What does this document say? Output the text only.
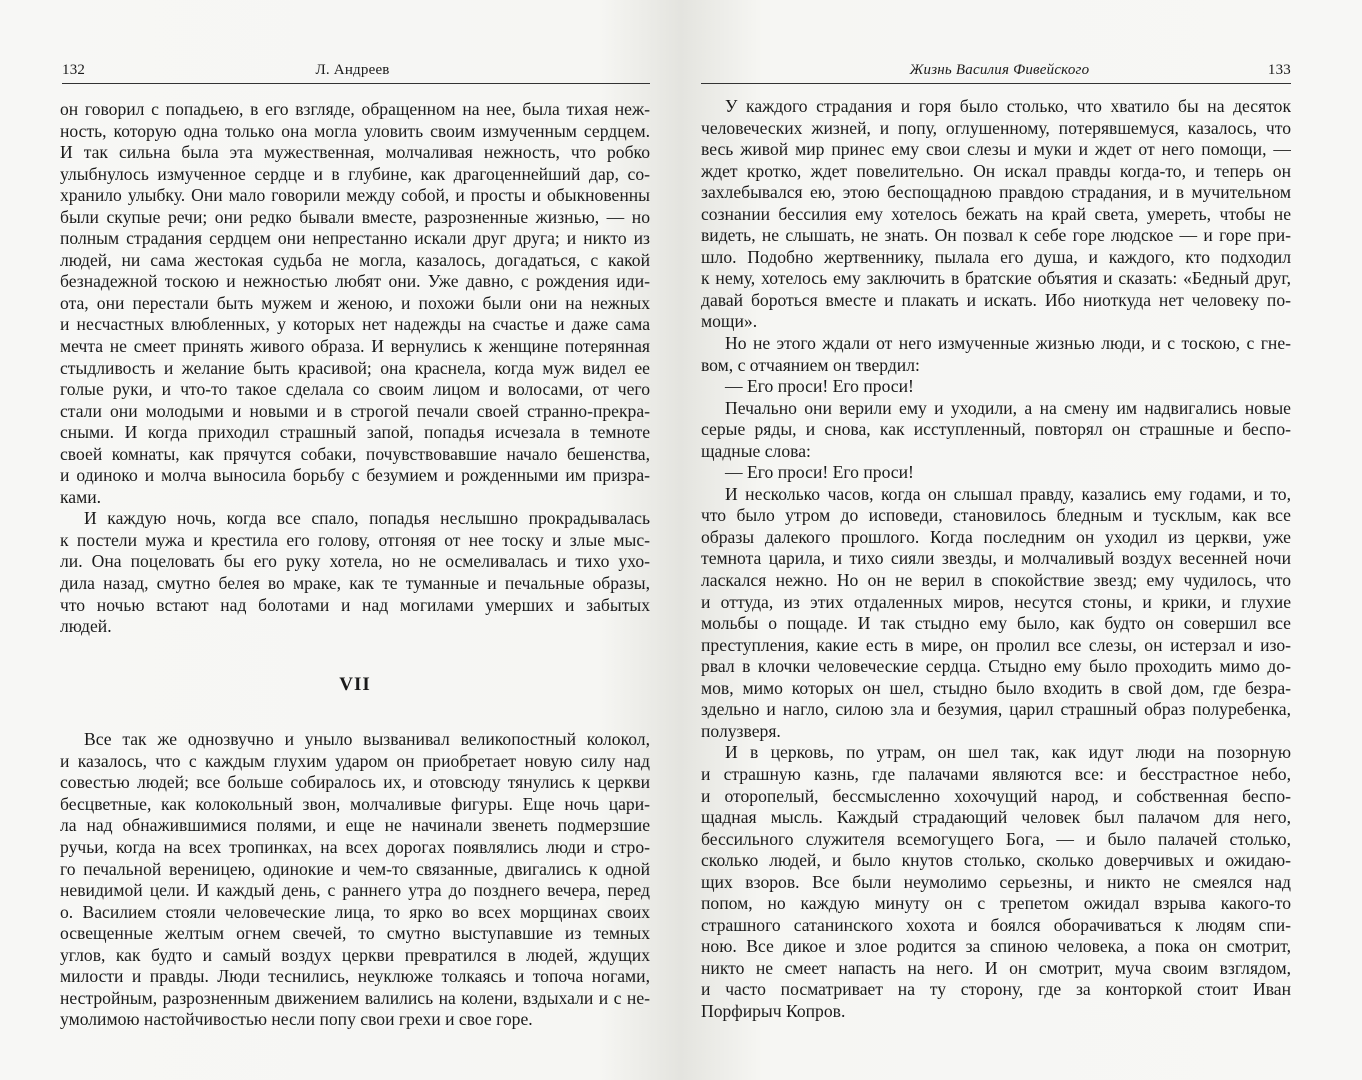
132	Л. Андреев
он говорил с попадьею, в его взгляде, обращенном на нее, была тихая неж-
ность, которую одна только она могла уловить своим измученным сердцем.
И так сильна была эта мужественная, молчаливая нежность, что робко
улыбнулось измученное сердце и в глубине, как драгоценнейший дар, со-
хранило улыбку. Они мало говорили между собой, и просты и обыкновенны
были скупые речи; они редко бывали вместе, разрозненные жизнью, — но
полным страдания сердцем они непрестанно искали друг друга; и никто из
людей, ни сама жестокая судьба не могла, казалось, догадаться, с какой
безнадежной тоскою и нежностью любят они. Уже давно, с рождения иди-
ота, они перестали быть мужем и женою, и похожи были они на нежных
и несчастных влюбленных, у которых нет надежды на счастье и даже сама
мечта не смеет принять живого образа. И вернулись к женщине потерянная
стыдливость и желание быть красивой; она краснела, когда муж видел ее
голые руки, и что-то такое сделала со своим лицом и волосами, от чего
стали они молодыми и новыми и в строгой печали своей странно-прекра-
сными. И когда приходил страшный запой, попадья исчезала в темноте
своей комнаты, как прячутся собаки, почувствовавшие начало бешенства,
и одиноко и молча выносила борьбу с безумием и рожденными им призра-
ками.
И каждую ночь, когда все спало, попадья неслышно прокрадывалась
к постели мужа и крестила его голову, отгоняя от нее тоску и злые мыс-
ли. Она поцеловать бы его руку хотела, но не осмеливалась и тихо ухо-
дила назад, смутно белея во мраке, как те туманные и печальные образы,
что ночью встают над болотами и над могилами умерших и забытых
людей.
VII
Все так же однозвучно и уныло вызванивал великопостный колокол,
и казалось, что с каждым глухим ударом он приобретает новую силу над
совестью людей; все больше собиралось их, и отовсюду тянулись к церкви
бесцветные, как колокольный звон, молчаливые фигуры. Еще ночь цари-
ла над обнажившимися полями, и еще не начинали звенеть подмерзшие
ручьи, когда на всех тропинках, на всех дорогах появлялись люди и стро-
го печальной вереницею, одинокие и чем-то связанные, двигались к одной
невидимой цели. И каждый день, с раннего утра до позднего вечера, перед
о. Василием стояли человеческие лица, то ярко во всех морщинах своих
освещенные желтым огнем свечей, то смутно выступавшие из темных
углов, как будто и самый воздух церкви превратился в людей, ждущих
милости и правды. Люди теснились, неуклюже толкаясь и топоча ногами,
нестройным, разрозненным движением валились на колени, вздыхали и с не-
умолимою настойчивостью несли попу свои грехи и свое горе.
Жизнь Василия Фивейского	133
У каждого страдания и горя было столько, что хватило бы на десяток
человеческих жизней, и попу, оглушенному, потерявшемуся, казалось, что
весь живой мир принес ему свои слезы и муки и ждет от него помощи, —
ждет кротко, ждет повелительно. Он искал правды когда-то, и теперь он
захлебывался ею, этою беспощадною правдою страдания, и в мучительном
сознании бессилия ему хотелось бежать на край света, умереть, чтобы не
видеть, не слышать, не знать. Он позвал к себе горе людское — и горе при-
шло. Подобно жертвеннику, пылала его душа, и каждого, кто подходил
к нему, хотелось ему заключить в братские объятия и сказать: «Бедный друг,
давай бороться вместе и плакать и искать. Ибо ниоткуда нет человеку по-
мощи».
Но не этого ждали от него измученные жизнью люди, и с тоскою, с гне-
вом, с отчаянием он твердил:
— Его проси! Его проси!
Печально они верили ему и уходили, а на смену им надвигались новые
серые ряды, и снова, как исступленный, повторял он страшные и беспо-
щадные слова:
— Его проси! Его проси!
И несколько часов, когда он слышал правду, казались ему годами, и то,
что было утром до исповеди, становилось бледным и тусклым, как все
образы далекого прошлого. Когда последним он уходил из церкви, уже
темнота царила, и тихо сияли звезды, и молчаливый воздух весенней ночи
ласкался нежно. Но он не верил в спокойствие звезд; ему чудилось, что
и оттуда, из этих отдаленных миров, несутся стоны, и крики, и глухие
мольбы о пощаде. И так стыдно ему было, как будто он совершил все
преступления, какие есть в мире, он пролил все слезы, он истерзал и изо-
рвал в клочки человеческие сердца. Стыдно ему было проходить мимо до-
мов, мимо которых он шел, стыдно было входить в свой дом, где безра-
здельно и нагло, силою зла и безумия, царил страшный образ полуребенка,
полузверя.
И в церковь, по утрам, он шел так, как идут люди на позорную
и страшную казнь, где палачами являются все: и бесстрастное небо,
и оторопелый, бессмысленно хохочущий народ, и собственная беспо-
щадная мысль. Каждый страдающий человек был палачом для него,
бессильного служителя всемогущего Бога, — и было палачей столько,
сколько людей, и было кнутов столько, сколько доверчивых и ожидаю-
щих взоров. Все были неумолимо серьезны, и никто не смеялся над
попом, но каждую минуту он с трепетом ожидал взрыва какого-то
страшного сатанинского хохота и боялся оборачиваться к людям спи-
ною. Все дикое и злое родится за спиною человека, а пока он смотрит,
никто не смеет напасть на него. И он смотрит, муча своим взглядом,
и часто посматривает на ту сторону, где за конторкой стоит Иван
Порфирыч Копров.
